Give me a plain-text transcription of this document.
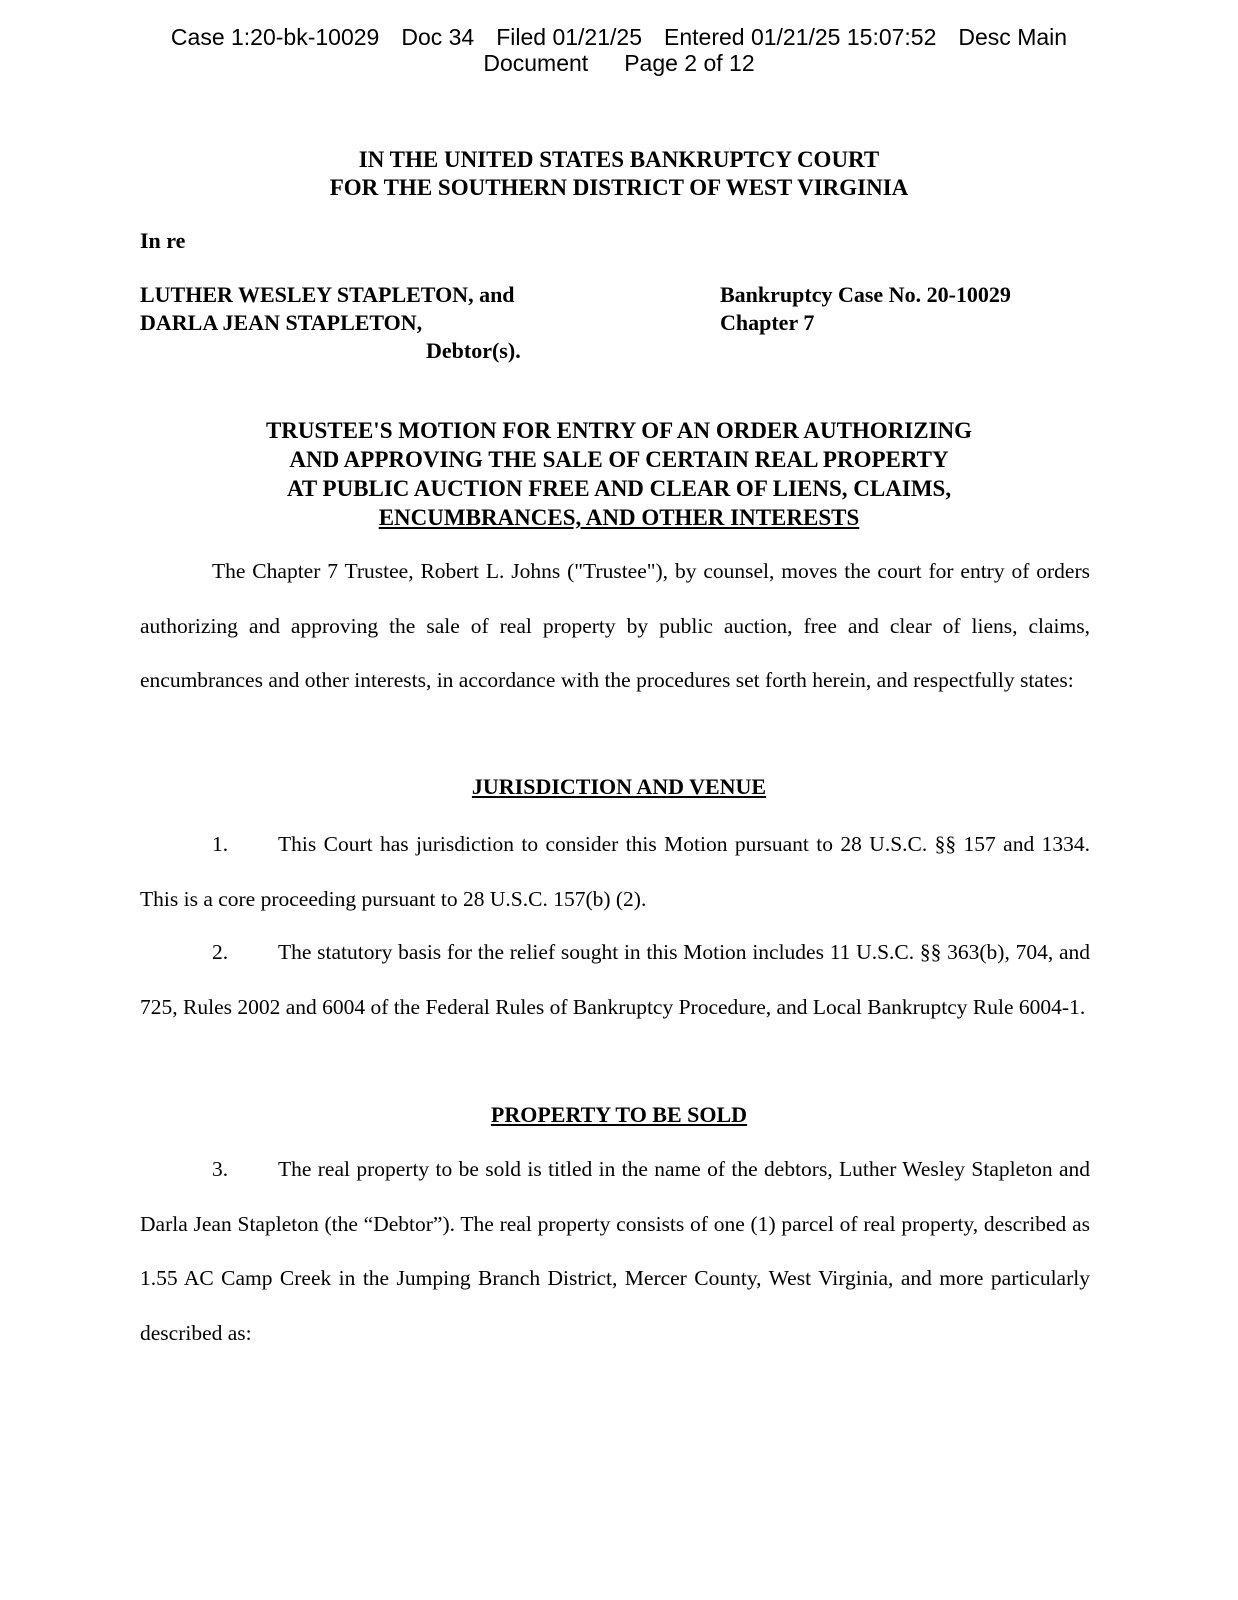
Case 1:20-bk-10029 Doc 34 Filed 01/21/25 Entered 01/21/25 15:07:52 Desc Main
Document Page 2 of 12
IN THE UNITED STATES BANKRUPTCY COURT
FOR THE SOUTHERN DISTRICT OF WEST VIRGINIA
In re
LUTHER WESLEY STAPLETON, and
DARLA JEAN STAPLETON,
Debtor(s).
Bankruptcy Case No. 20-10029
Chapter 7
TRUSTEE'S MOTION FOR ENTRY OF AN ORDER AUTHORIZING
AND APPROVING THE SALE OF CERTAIN REAL PROPERTY
AT PUBLIC AUCTION FREE AND CLEAR OF LIENS, CLAIMS,
ENCUMBRANCES, AND OTHER INTERESTS

The Chapter 7 Trustee, Robert L. Johns ("Trustee"), by counsel, moves the court for entry of orders authorizing and approving the sale of real property by public auction, free and clear of liens, claims, encumbrances and other interests, in accordance with the procedures set forth herein, and respectfully states:

JURISDICTION AND VENUE

1. This Court has jurisdiction to consider this Motion pursuant to 28 U.S.C. §§ 157 and 1334. This is a core proceeding pursuant to 28 U.S.C. 157(b) (2).

2. The statutory basis for the relief sought in this Motion includes 11 U.S.C. §§ 363(b), 704, and 725, Rules 2002 and 6004 of the Federal Rules of Bankruptcy Procedure, and Local Bankruptcy Rule 6004-1.

PROPERTY TO BE SOLD

3. The real property to be sold is titled in the name of the debtors, Luther Wesley Stapleton and Darla Jean Stapleton (the “Debtor”). The real property consists of one (1) parcel of real property, described as 1.55 AC Camp Creek in the Jumping Branch District, Mercer County, West Virginia, and more particularly described as:
